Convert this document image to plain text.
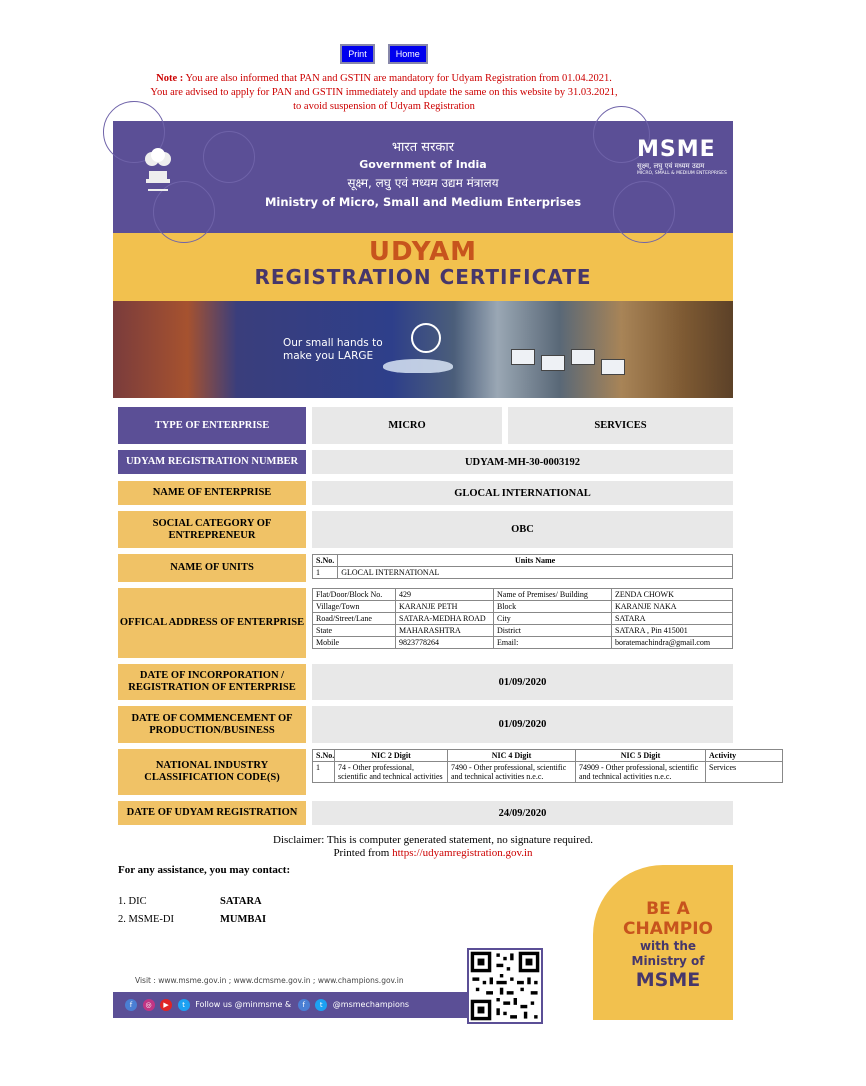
Print	Home
Note : You are also informed that PAN and GSTIN are mandatory for Udyam Registration from 01.04.2021.
You are advised to apply for PAN and GSTIN immediately and update the same on this website by 31.03.2021,
to avoid suspension of Udyam Registration
भारत सरकार
Government of India
सूक्ष्म, लघु एवं मध्यम उद्यम मंत्रालय
Ministry of Micro, Small and Medium Enterprises
MSME
सूक्ष्म, लघु एवं मध्यम उद्यम
MICRO, SMALL & MEDIUM ENTERPRISES
UDYAM
REGISTRATION CERTIFICATE
Our small hands to
make you LARGE
TYPE OF ENTERPRISE	MICRO	SERVICES
UDYAM REGISTRATION NUMBER	UDYAM-MH-30-0003192
NAME OF ENTERPRISE	GLOCAL INTERNATIONAL
SOCIAL CATEGORY OF ENTREPRENEUR	OBC
NAME OF UNITS
S.No.	Units Name
1	GLOCAL INTERNATIONAL
OFFICAL ADDRESS OF ENTERPRISE
Flat/Door/Block No.	429	Name of Premises/ Building	ZENDA CHOWK
Village/Town	KARANJE PETH	Block	KARANJE NAKA
Road/Street/Lane	SATARA-MEDHA ROAD	City	SATARA
State	MAHARASHTRA	District	SATARA , Pin 415001
Mobile	9823778264	Email:	boratemachindra@gmail.com
DATE OF INCORPORATION / REGISTRATION OF ENTERPRISE	01/09/2020
DATE OF COMMENCEMENT OF PRODUCTION/BUSINESS	01/09/2020
NATIONAL INDUSTRY CLASSIFICATION CODE(S)
S.No.	NIC 2 Digit	NIC 4 Digit	NIC 5 Digit	Activity
1	74 - Other professional, scientific and technical activities	7490 - Other professional, scientific and technical activities n.e.c.	74909 - Other professional, scientific and technical activities n.e.c.	Services
DATE OF UDYAM REGISTRATION	24/09/2020
Disclaimer: This is computer generated statement, no signature required.
Printed from https://udyamregistration.gov.in
For any assistance, you may contact:
1. DIC	SATARA
2. MSME-DI	MUMBAI
BE A
CHAMPIO
with the
Ministry of
MSME
Visit : www.msme.gov.in ; www.dcmsme.gov.in ; www.champions.gov.in
f ◎ ▶ t Follow us @minmsme & f t @msmechampions
